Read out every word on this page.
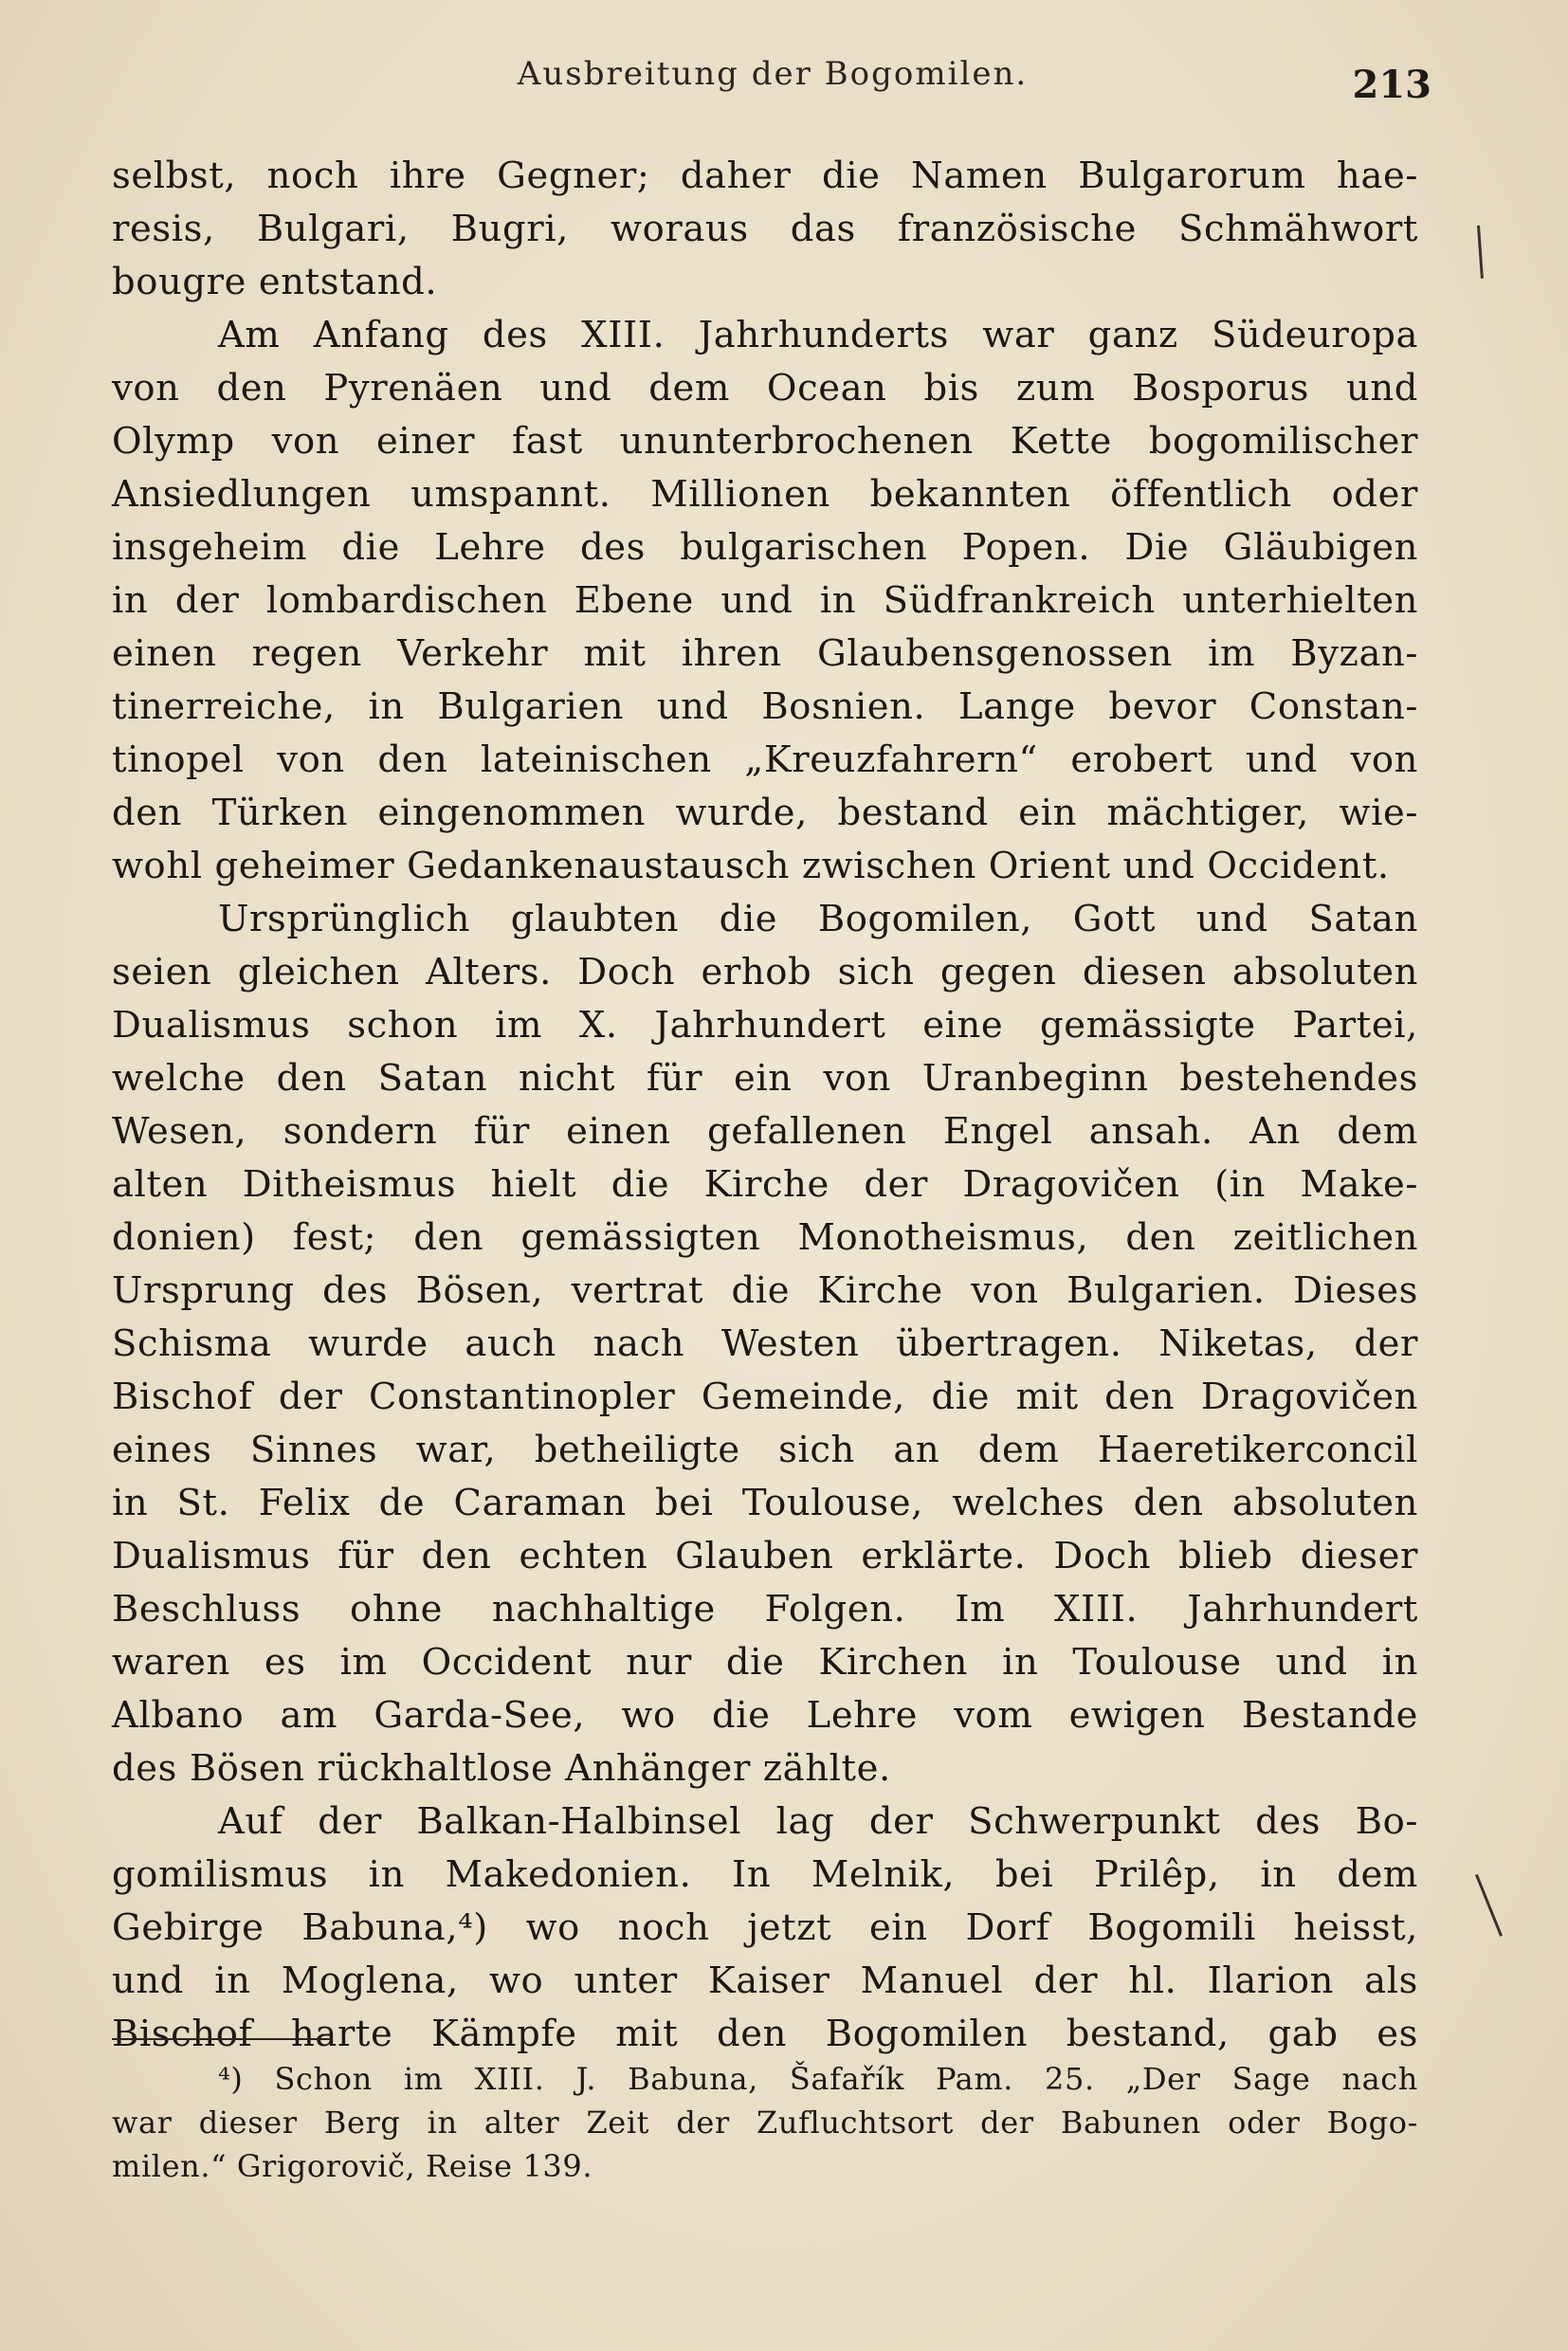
Ausbreitung der Bogomilen.	213
selbst, noch ihre Gegner; daher die Namen Bulgarorum hae-
resis, Bulgari, Bugri, woraus das französische Schmähwort
bougre entstand.
Am Anfang des XIII. Jahrhunderts war ganz Südeuropa
von den Pyrenäen und dem Ocean bis zum Bosporus und
Olymp von einer fast ununterbrochenen Kette bogomilischer
Ansiedlungen umspannt. Millionen bekannten öffentlich oder
insgeheim die Lehre des bulgarischen Popen. Die Gläubigen
in der lombardischen Ebene und in Südfrankreich unterhielten
einen regen Verkehr mit ihren Glaubensgenossen im Byzan-
tinerreiche, in Bulgarien und Bosnien. Lange bevor Constan-
tinopel von den lateinischen „Kreuzfahrern“ erobert und von
den Türken eingenommen wurde, bestand ein mächtiger, wie-
wohl geheimer Gedankenaustausch zwischen Orient und Occident.
Ursprünglich glaubten die Bogomilen, Gott und Satan
seien gleichen Alters. Doch erhob sich gegen diesen absoluten
Dualismus schon im X. Jahrhundert eine gemässigte Partei,
welche den Satan nicht für ein von Uranbeginn bestehendes
Wesen, sondern für einen gefallenen Engel ansah. An dem
alten Ditheismus hielt die Kirche der Dragovičen (in Make-
donien) fest; den gemässigten Monotheismus, den zeitlichen
Ursprung des Bösen, vertrat die Kirche von Bulgarien. Dieses
Schisma wurde auch nach Westen übertragen. Niketas, der
Bischof der Constantinopler Gemeinde, die mit den Dragovičen
eines Sinnes war, betheiligte sich an dem Haeretikerconcil
in St. Felix de Caraman bei Toulouse, welches den absoluten
Dualismus für den echten Glauben erklärte. Doch blieb dieser
Beschluss ohne nachhaltige Folgen. Im XIII. Jahrhundert
waren es im Occident nur die Kirchen in Toulouse und in
Albano am Garda-See, wo die Lehre vom ewigen Bestande
des Bösen rückhaltlose Anhänger zählte.
Auf der Balkan-Halbinsel lag der Schwerpunkt des Bo-
gomilismus in Makedonien. In Melnik, bei Prilêp, in dem
Gebirge Babuna,⁴) wo noch jetzt ein Dorf Bogomili heisst,
und in Moglena, wo unter Kaiser Manuel der hl. Ilarion als
Bischof harte Kämpfe mit den Bogomilen bestand, gab es
⁴) Schon im XIII. J. Babuna, Šafařík Pam. 25. „Der Sage nach
war dieser Berg in alter Zeit der Zufluchtsort der Babunen oder Bogo-
milen.“ Grigorovič, Reise 139.
